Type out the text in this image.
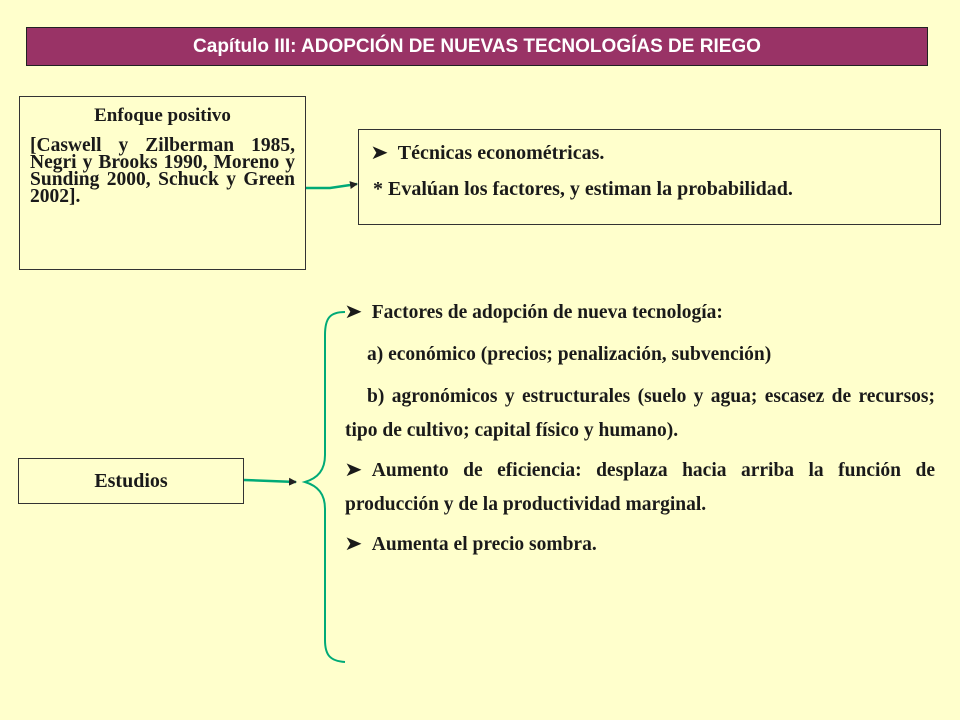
Capítulo III: ADOPCIÓN DE NUEVAS TECNOLOGÍAS DE RIEGO
Enfoque positivo
[Caswell y Zilberman 1985, Negri y Brooks 1990, Moreno y Sunding 2000, Schuck y Green 2002].
➤ Técnicas econométricas.
* Evalúan los factores, y estiman la probabilidad.
Estudios
➤ Factores de adopción de nueva tecnología:
a) económico (precios; penalización, subvención)
b) agronómicos y estructurales (suelo y agua; escasez de recursos; tipo de cultivo; capital físico y humano).
➤ Aumento de eficiencia: desplaza hacia arriba la función de producción y de la productividad marginal.
➤ Aumenta el precio sombra.
